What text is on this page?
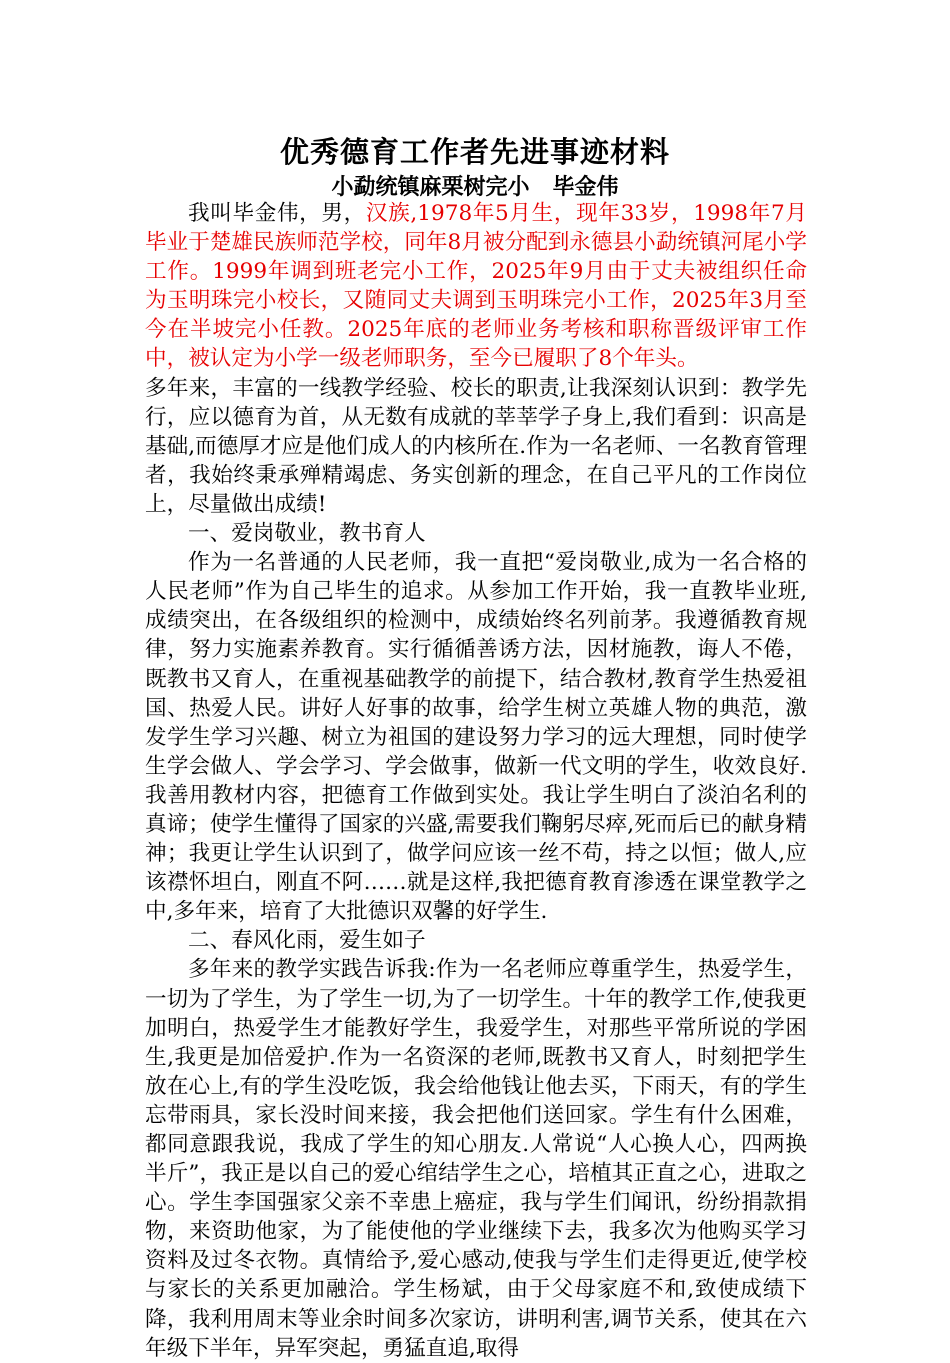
优秀德育工作者先进事迹材料
小勐统镇麻栗树完小   毕金伟

我叫毕金伟，男，汉族,1978年5月生，现年33岁，1998年7月毕业于楚雄民族师范学校，同年8月被分配到永德县小勐统镇河尾小学工作。1999年调到班老完小工作，2025年9月由于丈夫被组织任命为玉明珠完小校长，又随同丈夫调到玉明珠完小工作，2025年3月至今在半坡完小任教。2025年底的老师业务考核和职称晋级评审工作中，被认定为小学一级老师职务，至今已履职了8个年头。

多年来，丰富的一线教学经验、校长的职责,让我深刻认识到：教学先行，应以德育为首，从无数有成就的莘莘学子身上,我们看到：识高是基础,而德厚才应是他们成人的内核所在.作为一名老师、一名教育管理者，我始终秉承殚精竭虑、务实创新的理念，在自己平凡的工作岗位上，尽量做出成绩!

一、爱岗敬业，教书育人

作为一名普通的人民老师，我一直把“爱岗敬业,成为一名合格的人民老师”作为自己毕生的追求。从参加工作开始，我一直教毕业班,成绩突出，在各级组织的检测中，成绩始终名列前茅。我遵循教育规律，努力实施素养教育。实行循循善诱方法，因材施教，诲人不倦，既教书又育人，在重视基础教学的前提下，结合教材,教育学生热爱祖国、热爱人民。讲好人好事的故事，给学生树立英雄人物的典范，激发学生学习兴趣、树立为祖国的建设努力学习的远大理想，同时使学生学会做人、学会学习、学会做事，做新一代文明的学生，收效良好.我善用教材内容，把德育工作做到实处。我让学生明白了淡泊名利的真谛；使学生懂得了国家的兴盛,需要我们鞠躬尽瘁,死而后已的献身精神；我更让学生认识到了，做学问应该一丝不苟，持之以恒；做人,应该襟怀坦白，刚直不阿……就是这样,我把德育教育渗透在课堂教学之中,多年来，培育了大批德识双馨的好学生.

二、春风化雨，爱生如子

多年来的教学实践告诉我:作为一名老师应尊重学生，热爱学生，一切为了学生，为了学生一切,为了一切学生。十年的教学工作,使我更加明白，热爱学生才能教好学生，我爱学生，对那些平常所说的学困生,我更是加倍爱护.作为一名资深的老师,既教书又育人，时刻把学生放在心上,有的学生没吃饭，我会给他钱让他去买，下雨天，有的学生忘带雨具，家长没时间来接，我会把他们送回家。学生有什么困难，都同意跟我说，我成了学生的知心朋友.人常说“人心换人心，四两换半斤”，我正是以自己的爱心绾结学生之心，培植其正直之心，进取之心。学生李国强家父亲不幸患上癌症，我与学生们闻讯，纷纷捐款捐物，来资助他家，为了能使他的学业继续下去，我多次为他购买学习资料及过冬衣物。真情给予,爱心感动,使我与学生们走得更近,使学校与家长的关系更加融洽。学生杨斌，由于父母家庭不和,致使成绩下降，我利用周末等业余时间多次家访，讲明利害,调节关系，使其在六年级下半年，异军突起，勇猛直追,取得
